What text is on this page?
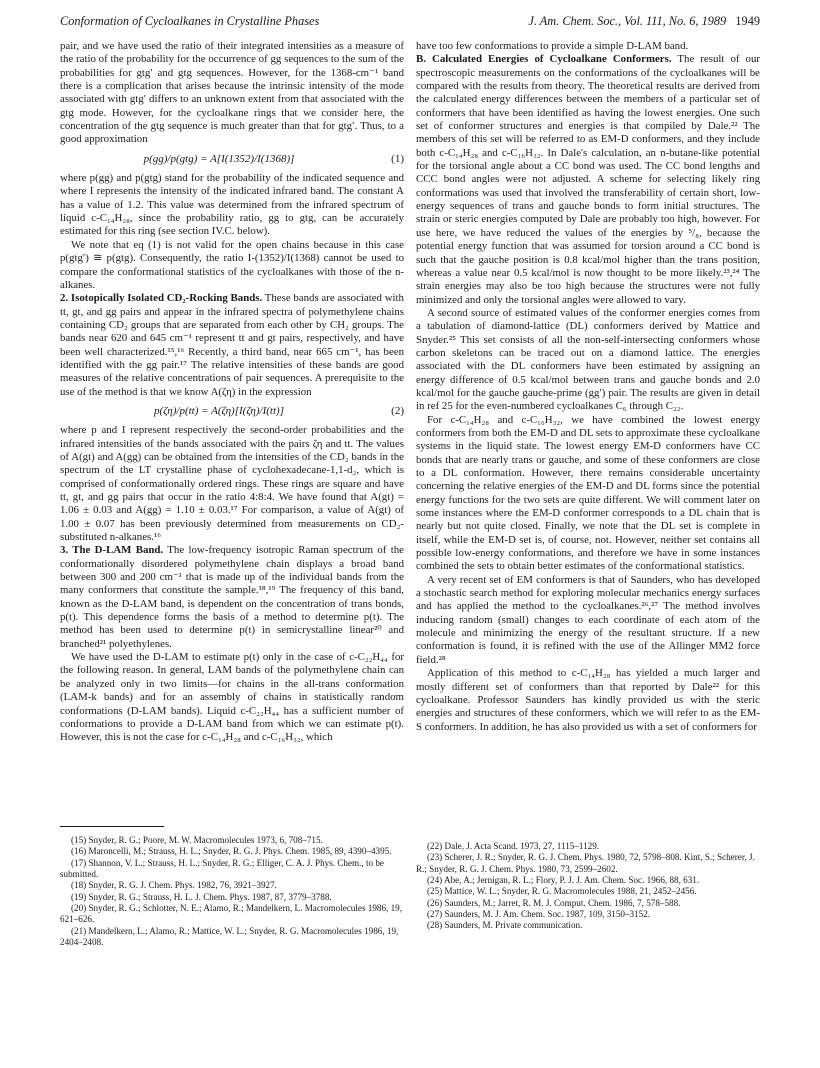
Conformation of Cycloalkanes in Crystalline Phases	J. Am. Chem. Soc., Vol. 111, No. 6, 1989 1949

pair, and we have used the ratio of their integrated intensities as a measure of the ratio of the probability for the occurrence of gg sequences to the sum of the probabilities for gtg′ and gtg sequences. However, for the 1368-cm⁻¹ band there is a complication that arises because the intrinsic intensity of the mode associated with gtg′ differs to an unknown extent from that associated with the gtg mode. However, for the cycloalkane rings that we consider here, the concentration of the gtg sequence is much greater than that for gtg′. Thus, to a good approximation

p(gg)/p(gtg) = A[I(1352)/I(1368)]	(1)

where p(gg) and p(gtg) stand for the probability of the indicated sequence and where I represents the intensity of the indicated infrared band. The constant A has a value of 1.2. This value was determined from the infrared spectrum of liquid c-C₁₄H₂₈, since the probability ratio, gg to gtg, can be accurately estimated for this ring (see section IV.C. below).

We note that eq (1) is not valid for the open chains because in this case p(gtg′) ≅ p(gtg). Consequently, the ratio I-(1352)/I(1368) cannot be used to compare the conformational statistics of the cycloalkanes with those of the n-alkanes.

2. Isotopically Isolated CD₂-Rocking Bands. These bands are associated with tt, gt, and gg pairs and appear in the infrared spectra of polymethylene chains containing CD₂ groups that are separated from each other by CH₂ groups. The bands near 620 and 645 cm⁻¹ represent tt and gt pairs, respectively, and have been well characterized.¹⁵,¹⁶ Recently, a third band, near 665 cm⁻¹, has been identified with the gg pair.¹⁷ The relative intensities of these bands are good measures of the relative concentrations of pair sequences. A prerequisite to the use of the method is that we know A(ζη) in the expression

p(ζη)/p(tt) = A(ζη)[I(ζη)/I(tt)]	(2)

where p and I represent respectively the second-order probabilities and the infrared intensities of the bands associated with the pairs ζη and tt. The values of A(gt) and A(gg) can be obtained from the intensities of the CD₂ bands in the spectrum of the LT crystalline phase of cyclohexadecane-1,1-d₂, which is comprised of conformationally ordered rings. These rings are square and have tt, gt, and gg pairs that occur in the ratio 4:8:4. We have found that A(gt) = 1.06 ± 0.03 and A(gg) = 1.10 ± 0.03.¹⁷ For comparison, a value of A(gt) of 1.00 ± 0.07 has been previously determined from measurements on CD₂-substituted n-alkanes.¹⁶

3. The D-LAM Band. The low-frequency isotropic Raman spectrum of the conformationally disordered polymethylene chain displays a broad band between 300 and 200 cm⁻¹ that is made up of the individual bands from the many conformers that constitute the sample.¹⁸,¹⁹ The frequency of this band, known as the D-LAM band, is dependent on the concentration of trans bonds, p(t). This dependence forms the basis of a method to determine p(t). The method has been used to determine p(t) in semicrystalline linear²⁰ and branched²¹ polyethylenes.

We have used the D-LAM to estimate p(t) only in the case of c-C₂₂H₄₄ for the following reason. In general, LAM bands of the polymethylene chain can be analyzed only in two limits—for chains in the all-trans conformation (LAM-k bands) and for an assembly of chains in statistically random conformations (D-LAM bands). Liquid c-C₂₂H₄₄ has a sufficient number of conformations to provide a D-LAM band from which we can estimate p(t). However, this is not the case for c-C₁₄H₂₈ and c-C₁₆H₃₂, which

have too few conformations to provide a simple D-LAM band.

B. Calculated Energies of Cycloalkane Conformers. The result of our spectroscopic measurements on the conformations of the cycloalkanes will be compared with the results from theory. The theoretical results are derived from the calculated energy differences between the members of a particular set of conformers that have been identified as having the lowest energies. One such set of conformer structures and energies is that compiled by Dale.²² The members of this set will be referred to as EM-D conformers, and they include both c-C₁₄H₂₈ and c-C₁₆H₃₂. In Dale's calculation, an n-butane-like potential for the torsional angle about a CC bond was used. The CC bond lengths and CCC bond angles were not adjusted. A scheme for selecting likely ring conformations was used that involved the transferability of certain short, low-energy sequences of trans and gauche bonds to form initial structures. The strain or steric energies computed by Dale are probably too high, however. For use here, we have reduced the values of the energies by ⁵/₈, because the potential energy function that was assumed for torsion around a CC bond is such that the gauche position is 0.8 kcal/mol higher than the trans position, whereas a value near 0.5 kcal/mol is now thought to be more likely.²³,²⁴ The strain energies may also be too high because the structures were not fully minimized and only the torsional angles were allowed to vary.

A second source of estimated values of the conformer energies comes from a tabulation of diamond-lattice (DL) conformers derived by Mattice and Snyder.²⁵ This set consists of all the non-self-intersecting conformers whose carbon skeletons can be traced out on a diamond lattice. The energies associated with the DL conformers have been estimated by assigning an energy difference of 0.5 kcal/mol between trans and gauche bonds and 2.0 kcal/mol for the gauche gauche-prime (gg′) pair. The results are given in detail in ref 25 for the even-numbered cycloalkanes C₆ through C₂₂.

For c-C₁₄H₂₈ and c-C₁₆H₃₂, we have combined the lowest energy conformers from both the EM-D and DL sets to approximate these cycloalkane systems in the liquid state. The lowest energy EM-D conformers have CC bonds that are nearly trans or gauche, and some of these conformers are close to a DL conformation. However, there remains considerable uncertainty concerning the relative energies of the EM-D and DL forms since the potential energy functions for the two sets are quite different. We will comment later on some instances where the EM-D conformer corresponds to a DL chain that is nearly but not quite closed. Finally, we note that the DL set is complete in itself, while the EM-D set is, of course, not. However, neither set contains all possible low-energy conformations, and therefore we have in some instances combined the sets to obtain better estimates of the conformational statistics.

A very recent set of EM conformers is that of Saunders, who has developed a stochastic search method for exploring molecular mechanics energy surfaces and has applied the method to the cycloalkanes.²⁶,²⁷ The method involves inducing random (small) changes to each coordinate of each atom of the molecule and minimizing the energy of the resultant structure. If a new conformation is found, it is refined with the use of the Allinger MM2 force field.²⁸

Application of this method to c-C₁₄H₂₈ has yielded a much larger and mostly different set of conformers than that reported by Dale²² for this cycloalkane. Professor Saunders has kindly provided us with the steric energies and structures of these conformers, which we will refer to as the EM-S conformers. In addition, he has also provided us with a set of conformers for

(15) Snyder, R. G.; Poore, M. W. Macromolecules 1973, 6, 708–715.

(16) Maroncelli, M.; Strauss, H. L.; Snyder, R. G. J. Phys. Chem. 1985, 89, 4390–4395.

(17) Shannon, V. L.; Strauss, H. L.; Snyder, R. G.; Elliger, C. A. J. Phys. Chem., to be submitted.

(18) Snyder, R. G. J. Chem. Phys. 1982, 76, 3921–3927.

(19) Snyder, R. G.; Strauss, H. L. J. Chem. Phys. 1987, 87, 3779–3788.

(20) Snyder, R. G.; Schlotter, N. E.; Alamo, R.; Mandelkern, L. Macromolecules 1986, 19, 621–626.

(21) Mandelkern, L.; Alamo, R.; Mattice, W. L.; Snyder, R. G. Macromolecules 1986, 19, 2404–2408.

(22) Dale, J. Acta Scand. 1973, 27, 1115–1129.

(23) Scherer, J. R.; Snyder, R. G. J. Chem. Phys. 1980, 72, 5798–808. Kint, S.; Scherer, J. R.; Snyder, R. G. J. Chem. Phys. 1980, 73, 2599–2602.

(24) Abe, A.; Jernigan, R. L.; Flory, P. J. J. Am. Chem. Soc. 1966, 88, 631.

(25) Mattice, W. L.; Snyder, R. G. Macromolecules 1988, 21, 2452–2456.

(26) Saunders, M.; Jarret, R. M. J. Comput. Chem. 1986, 7, 578–588.

(27) Saunders, M. J. Am. Chem. Soc. 1987, 109, 3150–3152.

(28) Saunders, M. Private communication.
